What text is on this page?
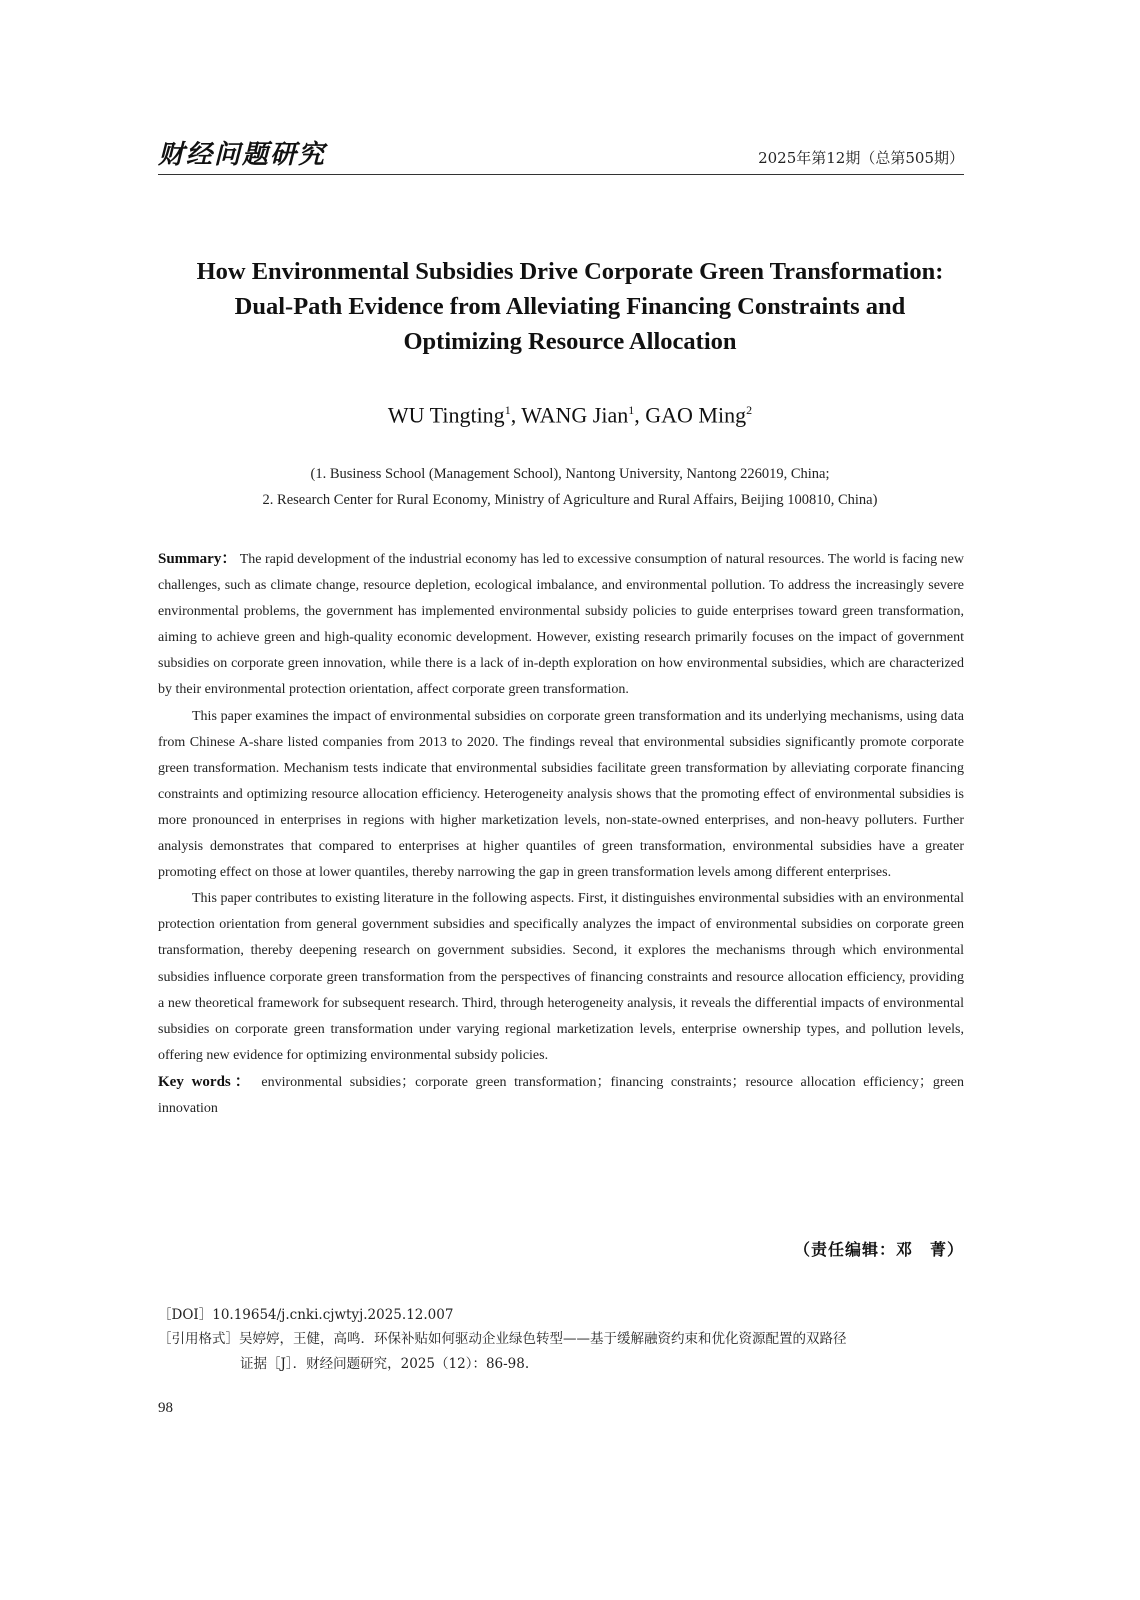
财经问题研究	2025年第12期（总第505期）
How Environmental Subsidies Drive Corporate Green Transformation:
Dual-Path Evidence from Alleviating Financing Constraints and
Optimizing Resource Allocation
WU Tingting$^1$, WANG Jian$^1$, GAO Ming$^2$
(1. Business School (Management School), Nantong University, Nantong 226019, China;
2. Research Center for Rural Economy, Ministry of Agriculture and Rural Affairs, Beijing 100810, China)

Summary： The rapid development of the industrial economy has led to excessive consumption of natural resources. The world is facing new challenges, such as climate change, resource depletion, ecological imbalance, and environmental pollution. To address the increasingly severe environmental problems, the government has implemented environmental subsidy policies to guide enterprises toward green transformation, aiming to achieve green and high-quality economic development. However, existing research primarily focuses on the impact of government subsidies on corporate green innovation, while there is a lack of in-depth exploration on how environmental subsidies, which are characterized by their environmental protection orientation, affect corporate green transformation.

This paper examines the impact of environmental subsidies on corporate green transformation and its underlying mechanisms, using data from Chinese A-share listed companies from 2013 to 2020. The findings reveal that environmental subsidies significantly promote corporate green transformation. Mechanism tests indicate that environmental subsidies facilitate green transformation by alleviating corporate financing constraints and optimizing resource allocation efficiency. Heterogeneity analysis shows that the promoting effect of environmental subsidies is more pronounced in enterprises in regions with higher marketization levels, non-state-owned enterprises, and non-heavy polluters. Further analysis demonstrates that compared to enterprises at higher quantiles of green transformation, environmental subsidies have a greater promoting effect on those at lower quantiles, thereby narrowing the gap in green transformation levels among different enterprises.

This paper contributes to existing literature in the following aspects. First, it distinguishes environmental subsidies with an environmental protection orientation from general government subsidies and specifically analyzes the impact of environmental subsidies on corporate green transformation, thereby deepening research on government subsidies. Second, it explores the mechanisms through which environmental subsidies influence corporate green transformation from the perspectives of financing constraints and resource allocation efficiency, providing a new theoretical framework for subsequent research. Third, through heterogeneity analysis, it reveals the differential impacts of environmental subsidies on corporate green transformation under varying regional marketization levels, enterprise ownership types, and pollution levels, offering new evidence for optimizing environmental subsidy policies.

Key words： environmental subsidies；corporate green transformation；financing constraints；resource allocation efficiency；green innovation

（责任编辑：邓　菁）
［DOI］10.19654/j.cnki.cjwtyj.2025.12.007
［引用格式］吴婷婷，王健，高鸣．环保补贴如何驱动企业绿色转型——基于缓解融资约束和优化资源配置的双路径
证据［J］．财经问题研究，2025（12）：86-98.
98
